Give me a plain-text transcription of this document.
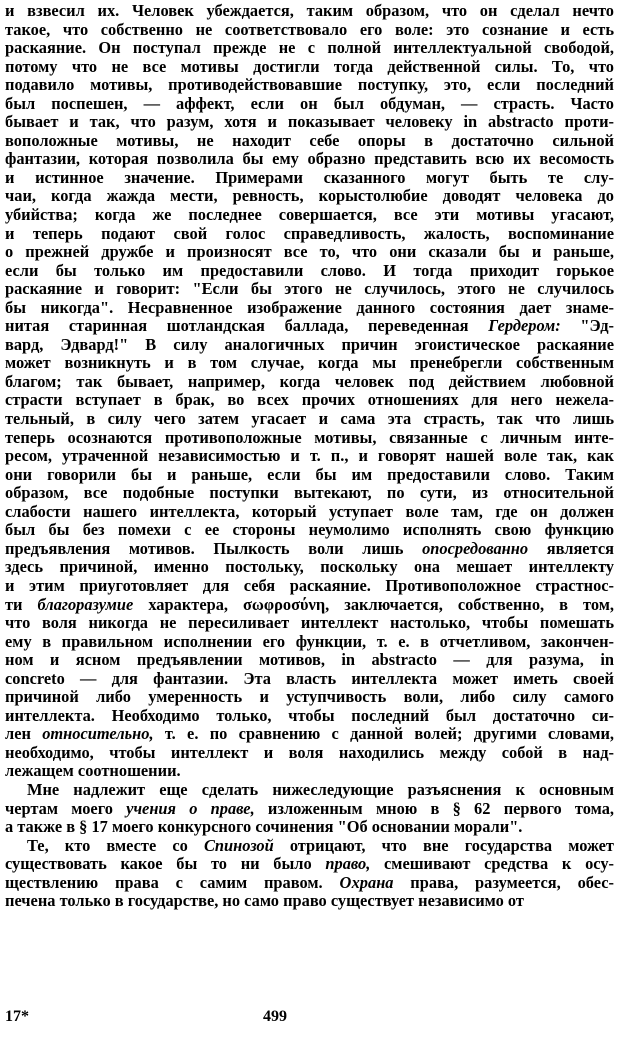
и взвесил их. Человек убеждается, таким образом, что он сделал нечто
такое, что собственно не соответствовало его воле: это сознание и есть
раскаяние. Он поступал прежде не с полной интеллектуальной свободой,
потому что не все мотивы достигли тогда действенной силы. То, что
подавило мотивы, противодействовавшие поступку, это, если последний
был поспешен, — аффект, если он был обдуман, — страсть. Часто
бывает и так, что разум, хотя и показывает человеку in abstracto проти-
воположные мотивы, не находит себе опоры в достаточно сильной
фантазии, которая позволила бы ему образно представить всю их весомость
и истинное значение. Примерами сказанного могут быть те слу-
чаи, когда жажда мести, ревность, корыстолюбие доводят человека до
убийства; когда же последнее совершается, все эти мотивы угасают,
и теперь подают свой голос справедливость, жалость, воспоминание
о прежней дружбе и произносят все то, что они сказали бы и раньше,
если бы только им предоставили слово. И тогда приходит горькое
раскаяние и говорит: "Если бы этого не случилось, этого не случилось
бы никогда". Несравненное изображение данного состояния дает знаме-
нитая старинная шотландская баллада, переведенная Гердером: "Эд-
вард, Эдвард!" В силу аналогичных причин эгоистическое раскаяние
может возникнуть и в том случае, когда мы пренебрегли собственным
благом; так бывает, например, когда человек под действием любовной
страсти вступает в брак, во всех прочих отношениях для него нежела-
тельный, в силу чего затем угасает и сама эта страсть, так что лишь
теперь осознаются противоположные мотивы, связанные с личным инте-
ресом, утраченной независимостью и т. п., и говорят нашей воле так, как
они говорили бы и раньше, если бы им предоставили слово. Таким
образом, все подобные поступки вытекают, по сути, из относительной
слабости нашего интеллекта, который уступает воле там, где он должен
был бы без помехи с ее стороны неумолимо исполнять свою функцию
предъявления мотивов. Пылкость воли лишь опосредованно является
здесь причиной, именно постольку, поскольку она мешает интеллекту
и этим приуготовляет для себя раскаяние. Противоположное страстнос-
ти благоразумие характера, σωφροσύνη, заключается, собственно, в том,
что воля никогда не пересиливает интеллект настолько, чтобы помешать
ему в правильном исполнении его функции, т. е. в отчетливом, закончен-
ном и ясном предъявлении мотивов, in abstracto — для разума, in
concreto — для фантазии. Эта власть интеллекта может иметь своей
причиной либо умеренность и уступчивость воли, либо силу самого
интеллекта. Необходимо только, чтобы последний был достаточно си-
лен относительно, т. е. по сравнению с данной волей; другими словами,
необходимо, чтобы интеллект и воля находились между собой в над-
лежащем соотношении.
Мне надлежит еще сделать нижеследующие разъяснения к основным
чертам моего учения о праве, изложенным мною в § 62 первого тома,
а также в § 17 моего конкурсного сочинения "Об основании морали".
Те, кто вместе со Спинозой отрицают, что вне государства может
существовать какое бы то ни было право, смешивают средства к осу-
ществлению права с самим правом. Охрана права, разумеется, обес-
печена только в государстве, но само право существует независимо от
17*	499
